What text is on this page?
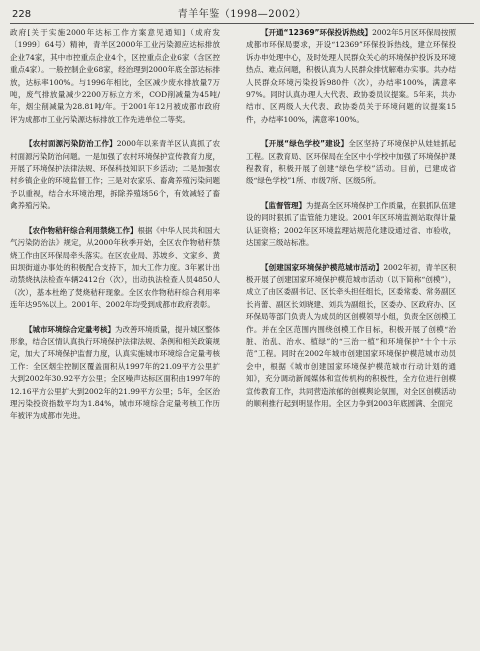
228	青羊年鉴（1998—2002）

政府[关于实施2000年达标工作方案意见通知]（成府发〔1999〕64号）精神，青羊区2000年工业污染源应达标排放企业74家，其中市控重点企业4个，区控重点企业6家（含区控重点4家）。一般控制企业68家，经治理到2000年底全部达标排放，达标率100%。与1996年相比，全区减少废水排放量7万吨，废气排放量减少2200万标立方米，COD削减量为45吨/年，烟尘削减量为28.81吨/年。于2001年12月被成都市政府评为成都市工业污染源达标排放工作先进单位二等奖。

【农村面源污染防治工作】2000年以来青羊区认真抓了农村面源污染防治问题。一是加强了农村环境保护宣传教育力度，开展了环境保护法律法规、环保科技知识下乡活动；二是加强农村乡镇企业的环境监督工作；三是对农家乐、畜禽养殖污染问题予以重视，结合水环境治理，拆除养殖场56个，有效减轻了畜禽养殖污染。

【农作物秸秆综合利用禁烧工作】根据《中华人民共和国大气污染防治法》规定，从2000年秋季开始，全区农作物秸秆禁烧工作由区环保局牵头落实。在区农业局、苏坡乡、文家乡、黄田坝街道办事处的积极配合支持下，加大工作力度。3年累计出动禁烧执法检查车辆2412台（次），出动执法检查人员4850人（次），基本杜绝了焚烧秸秆现象。全区农作物秸秆综合利用率连年达95%以上。2001年、2002年均受到成都市政府表彰。

【城市环境综合定量考核】为改善环境质量，提升城区整体形象，结合区情认真执行环境保护法律法规、条例和相关政策规定，加大了环境保护监督力度，认真实施城市环境综合定量考核工作：全区烟尘控制区覆盖面积从1997年的21.09平方公里扩大到2002年30.92平方公里；全区噪声达标区面积由1997年的12.16平方公里扩大到2002年的21.99平方公里；5年，全区治理污染投资指数平均为1.84%，城市环境综合定量考核工作历年被评为成都市先进。

【开通“12369”环保投诉热线】2002年5月区环保局按照成都市环保局要求，开设“12369”环保投诉热线，建立环保投诉办申处理中心，及时处理人民群众关心的环境保护投诉及环境热点、难点问题，积极认真为人民群众排忧解难办实事。共办结人民群众环境污染投诉980件（次），办结率100%，满意率97%。同时认真办理人大代表、政协委员议提案。5年来，共办结市、区两级人大代表、政协委员关于环境问题的议提案15件，办结率100%，满意率100%。

【开展“绿色学校”建设】全区坚持了环境保护从娃娃抓起工程。区教育局、区环保局在全区中小学校中加强了环境保护课程教育，积极开展了创建“绿色学校”活动。目前，已建成省级“绿色学校”1所、市级7所、区级5所。

【监督管理】为提高全区环境保护工作质量，在狠抓队伍建设的同时狠抓了监管能力建设。2001年区环境监测站取得计量认证资格；2002年区环境监理站规范化建设通过省、市验收，达国家三级站标准。

【创建国家环境保护模范城市活动】2002年初，青羊区积极开展了创建国家环境保护模范城市活动（以下简称“创模”），成立了由区委副书记、区长牵头担任组长，区委常委、常务副区长肖蕾、副区长刘晓建、刘兵为副组长，区委办、区政府办、区环保局等部门负责人为成员的区创模领导小组，负责全区创模工作。并在全区范围内围绕创模工作目标，积极开展了创模“治脏、治乱、治水、植绿”的“三治一植”和环境保护“十个十示范”工程。同时在2002年城市创建国家环境保护模范城市动员会中，根据《城市创建国家环境保护模范城市行动计划的通知》，充分调动新闻媒体和宣传机构的积极性，全方位进行创模宣传教育工作，共同营造浓郁的创模舆论氛围，对全区创模活动的顺利推行起到明显作用。全区力争到2003年底圆满、全面完
